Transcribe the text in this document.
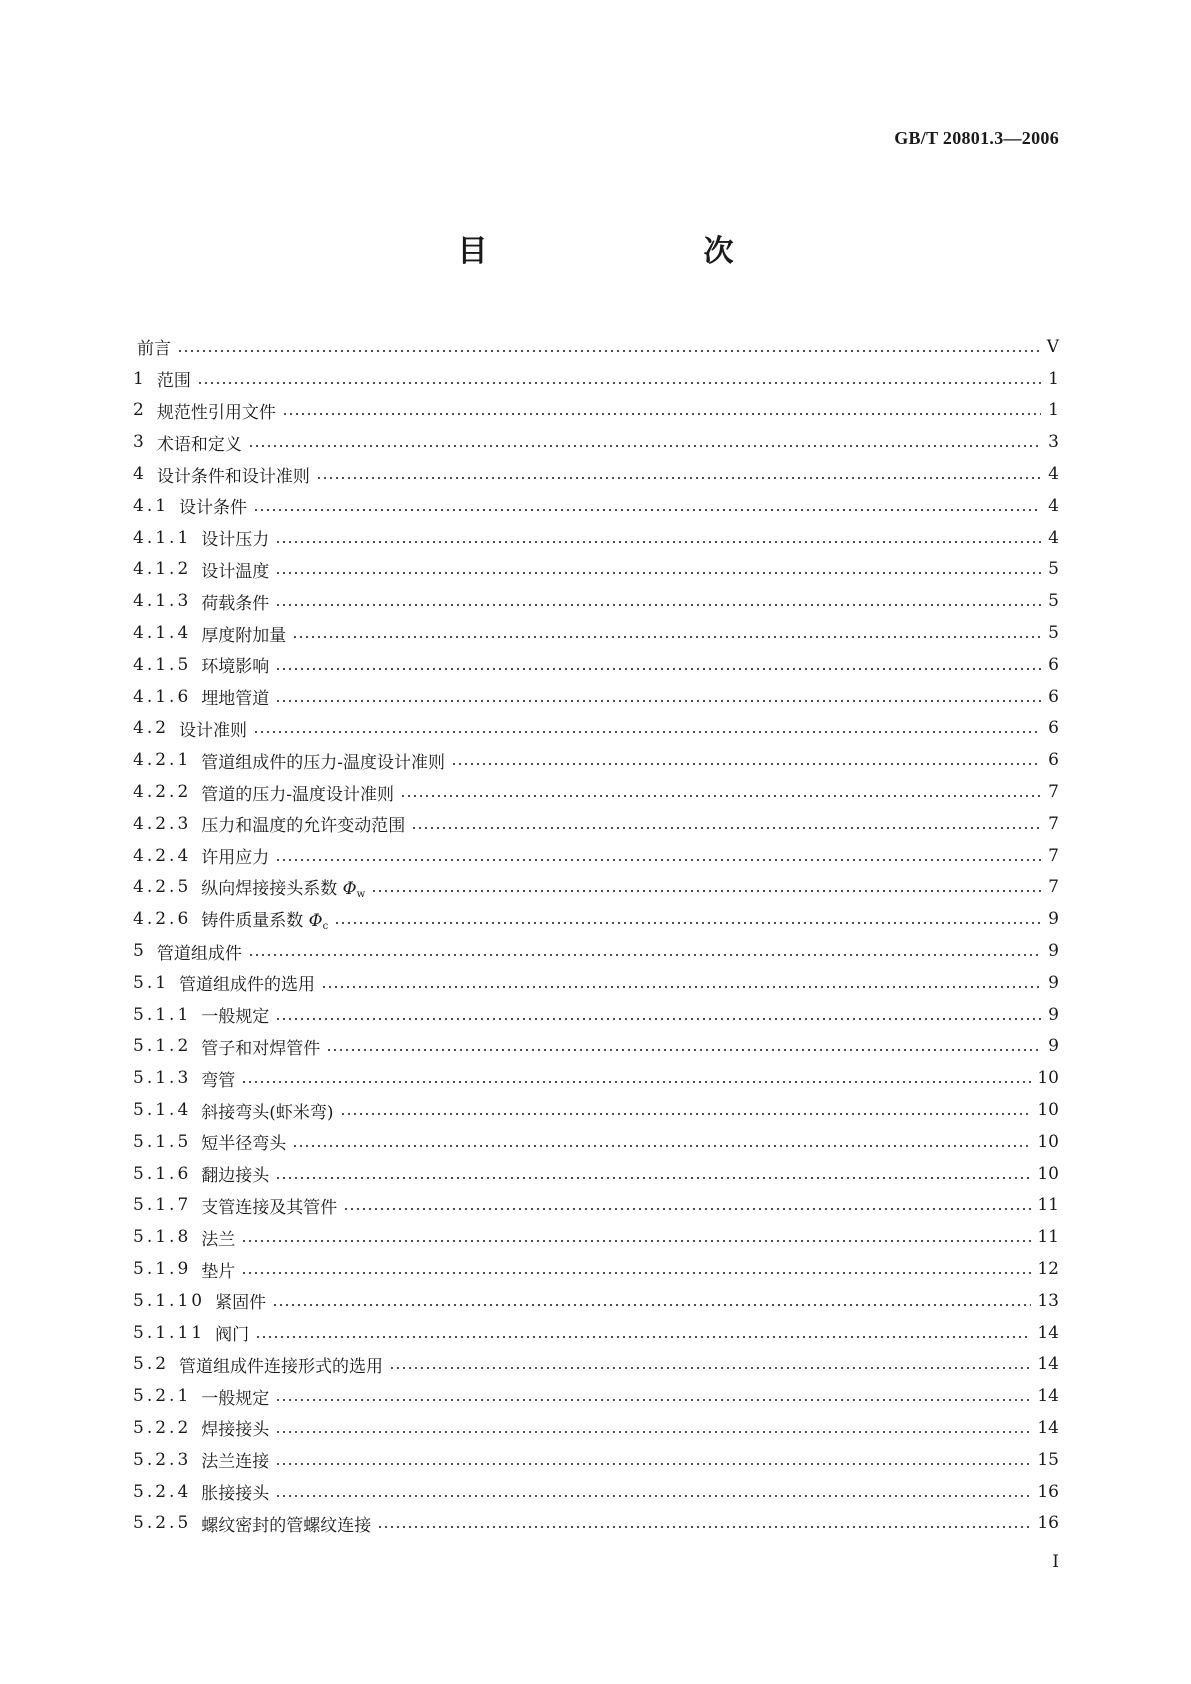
GB/T 20801.3—2006
目　　次
前言	V
1 范围	1
2 规范性引用文件	1
3 术语和定义	3
4 设计条件和设计准则	4
4.1 设计条件	4
4.1.1 设计压力	4
4.1.2 设计温度	5
4.1.3 荷载条件	5
4.1.4 厚度附加量	5
4.1.5 环境影响	6
4.1.6 埋地管道	6
4.2 设计准则	6
4.2.1 管道组成件的压力-温度设计准则	6
4.2.2 管道的压力-温度设计准则	7
4.2.3 压力和温度的允许变动范围	7
4.2.4 许用应力	7
4.2.5 纵向焊接接头系数 $\Phi_w$	7
4.2.6 铸件质量系数 $\Phi_c$	9
5 管道组成件	9
5.1 管道组成件的选用	9
5.1.1 一般规定	9
5.1.2 管子和对焊管件	9
5.1.3 弯管	10
5.1.4 斜接弯头(虾米弯)	10
5.1.5 短半径弯头	10
5.1.6 翻边接头	10
5.1.7 支管连接及其管件	11
5.1.8 法兰	11
5.1.9 垫片	12
5.1.10 紧固件	13
5.1.11 阀门	14
5.2 管道组成件连接形式的选用	14
5.2.1 一般规定	14
5.2.2 焊接接头	14
5.2.3 法兰连接	15
5.2.4 胀接接头	16
5.2.5 螺纹密封的管螺纹连接	16
I
